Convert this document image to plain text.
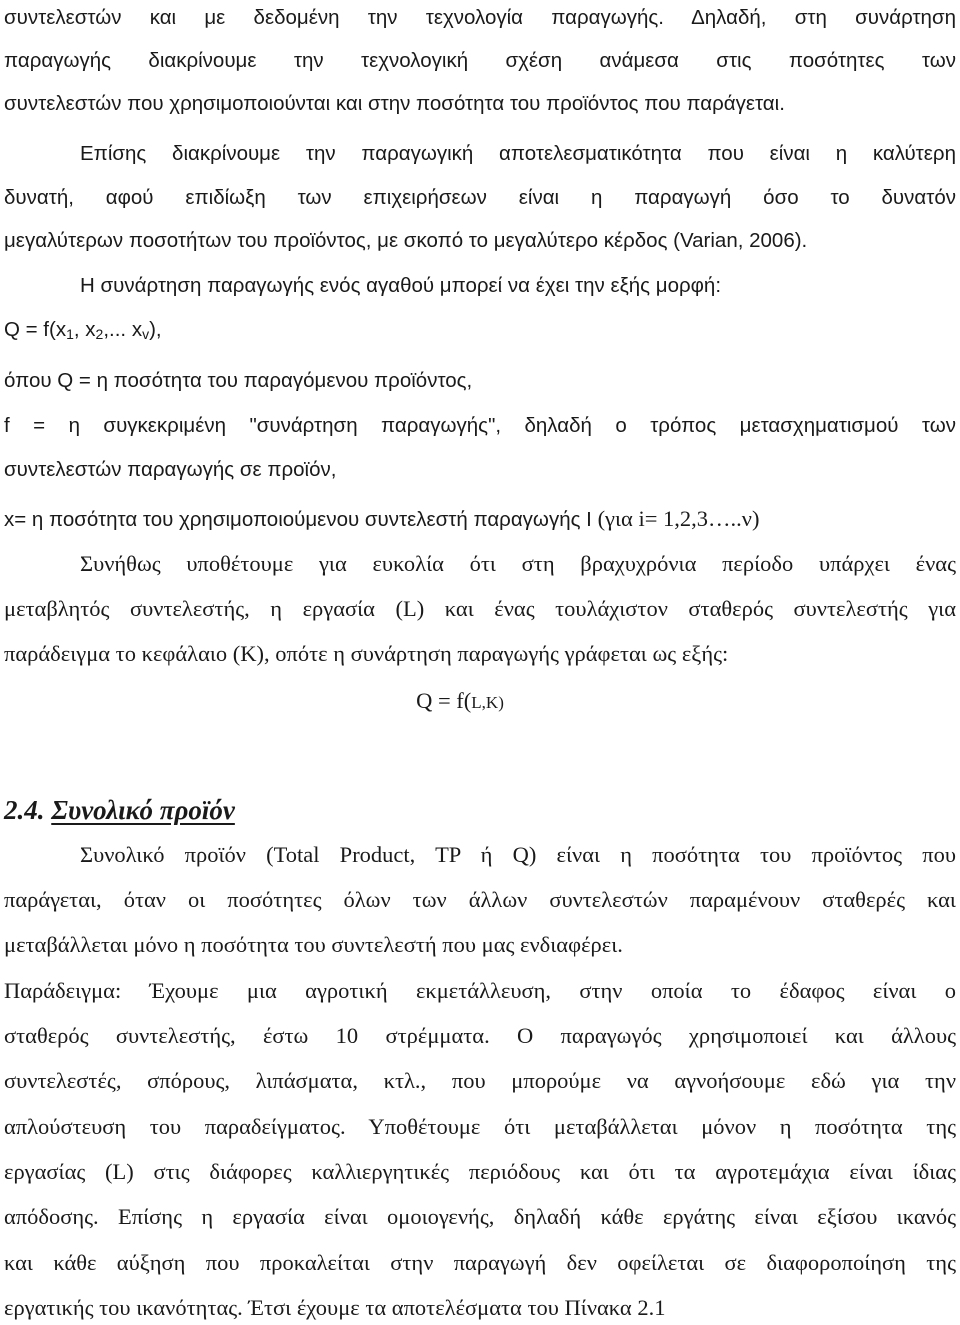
συντελεστών και με δεδομένη την τεχνολογία παραγωγής. Δηλαδή, στη συνάρτηση
παραγωγής διακρίνουμε την τεχνολογική σχέση ανάμεσα στις ποσότητες των
συντελεστών που χρησιμοποιούνται και στην ποσότητα του προϊόντος που παράγεται.
Επίσης διακρίνουμε την παραγωγική αποτελεσματικότητα που είναι η καλύτερη
δυνατή, αφού επιδίωξη των επιχειρήσεων είναι η παραγωγή όσο το δυνατόν
μεγαλύτερων ποσοτήτων του προϊόντος, με σκοπό το μεγαλύτερο κέρδος (Varian, 2006).
Η συνάρτηση παραγωγής ενός αγαθού μπορεί να έχει την εξής μορφή:
$Q = f(x_1$, $x_2$,... $x_v$),
όπου Q = η ποσότητα του παραγόμενου προϊόντος,
f = η συγκεκριμένη "συνάρτηση παραγωγής", δηλαδή ο τρόπος μετασχηματισμού των
συντελεστών παραγωγής σε προϊόν,
x= η ποσότητα του χρησιμοποιούμενου συντελεστή παραγωγής I (για i= 1,2,3…..ν)
Συνήθως υποθέτουμε για ευκολία ότι στη βραχυχρόνια περίοδο υπάρχει ένας
μεταβλητός συντελεστής, η εργασία (L) και ένας τουλάχιστον σταθερός συντελεστής για
παράδειγμα το κεφάλαιο (K), οπότε η συνάρτηση παραγωγής γράφεται ως εξής:
Q = f(L,K)
2.4. Συνολικό προϊόν
Συνολικό προϊόν (Total Product, TP ή Q) είναι η ποσότητα του προϊόντος που
παράγεται, όταν οι ποσότητες όλων των άλλων συντελεστών παραμένουν σταθερές και
μεταβάλλεται μόνο η ποσότητα του συντελεστή που μας ενδιαφέρει.
Παράδειγμα: Έχουμε μια αγροτική εκμετάλλευση, στην οποία το έδαφος είναι ο
σταθερός συντελεστής, έστω 10 στρέμματα. Ο παραγωγός χρησιμοποιεί και άλλους
συντελεστές, σπόρους, λιπάσματα, κτλ., που μπορούμε να αγνοήσουμε εδώ για την
απλούστευση του παραδείγματος. Υποθέτουμε ότι μεταβάλλεται μόνον η ποσότητα της
εργασίας (L) στις διάφορες καλλιεργητικές περιόδους και ότι τα αγροτεμάχια είναι ίδιας
απόδοσης. Επίσης η εργασία είναι ομοιογενής, δηλαδή κάθε εργάτης είναι εξίσου ικανός
και κάθε αύξηση που προκαλείται στην παραγωγή δεν οφείλεται σε διαφοροποίηση της
εργατικής του ικανότητας. Έτσι έχουμε τα αποτελέσματα του Πίνακα 2.1
